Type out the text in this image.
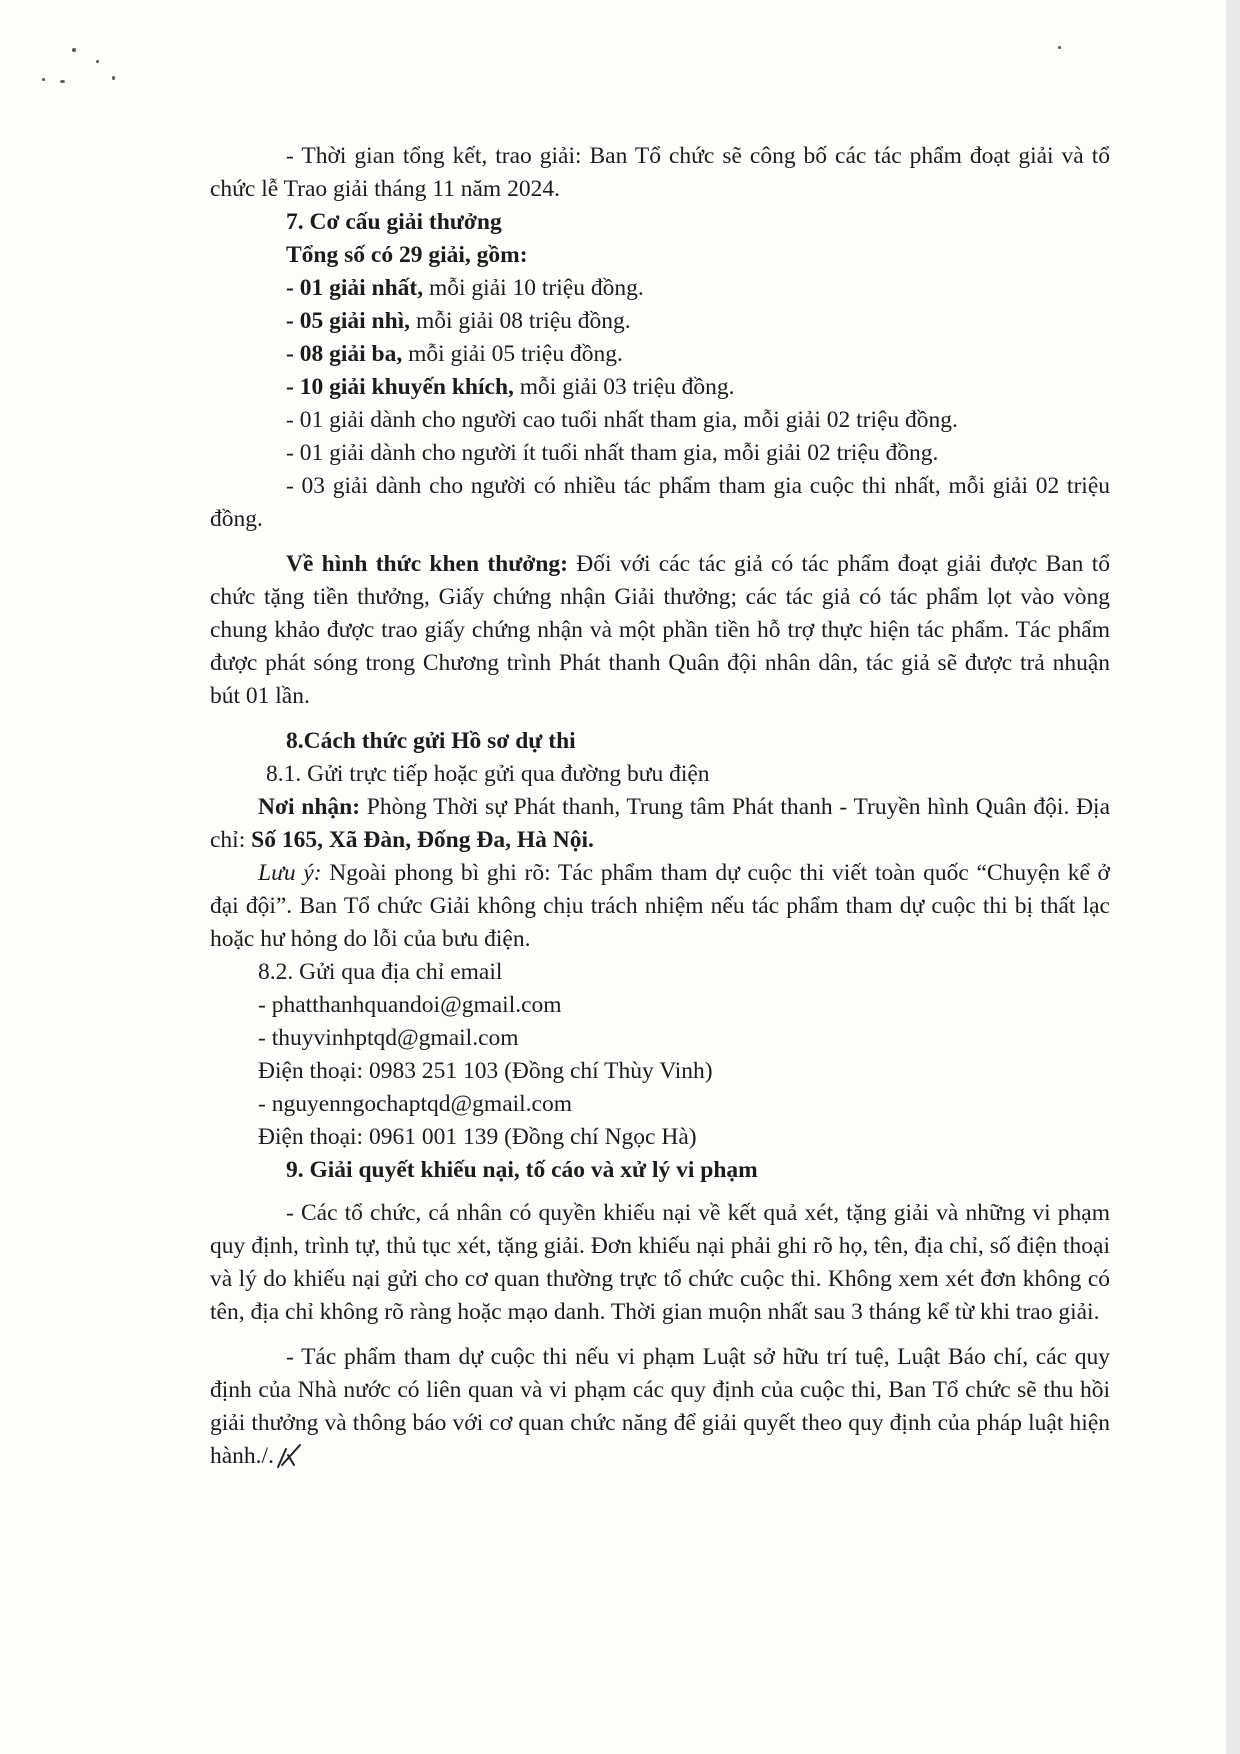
- Thời gian tổng kết, trao giải: Ban Tổ chức sẽ công bố các tác phẩm đoạt giải và tổ chức lễ Trao giải tháng 11 năm 2024.

7. Cơ cấu giải thưởng

Tổng số có 29 giải, gồm:

- 01 giải nhất, mỗi giải 10 triệu đồng.

- 05 giải nhì, mỗi giải 08 triệu đồng.

- 08 giải ba, mỗi giải 05 triệu đồng.

- 10 giải khuyến khích, mỗi giải 03 triệu đồng.

- 01 giải dành cho người cao tuổi nhất tham gia, mỗi giải 02 triệu đồng.

- 01 giải dành cho người ít tuổi nhất tham gia, mỗi giải 02 triệu đồng.

- 03 giải dành cho người có nhiều tác phẩm tham gia cuộc thi nhất, mỗi giải 02 triệu đồng.

Về hình thức khen thưởng: Đối với các tác giả có tác phẩm đoạt giải được Ban tổ chức tặng tiền thưởng, Giấy chứng nhận Giải thưởng; các tác giả có tác phẩm lọt vào vòng chung khảo được trao giấy chứng nhận và một phần tiền hỗ trợ thực hiện tác phẩm. Tác phẩm được phát sóng trong Chương trình Phát thanh Quân đội nhân dân, tác giả sẽ được trả nhuận bút 01 lần.

8.Cách thức gửi Hồ sơ dự thi

8.1. Gửi trực tiếp hoặc gửi qua đường bưu điện

Nơi nhận: Phòng Thời sự Phát thanh, Trung tâm Phát thanh - Truyền hình Quân đội. Địa chỉ: Số 165, Xã Đàn, Đống Đa, Hà Nội.

Lưu ý: Ngoài phong bì ghi rõ: Tác phẩm tham dự cuộc thi viết toàn quốc “Chuyện kể ở đại đội”. Ban Tổ chức Giải không chịu trách nhiệm nếu tác phẩm tham dự cuộc thi bị thất lạc hoặc hư hỏng do lỗi của bưu điện.

8.2. Gửi qua địa chỉ email

- phatthanhquandoi@gmail.com

- thuyvinhptqd@gmail.com

Điện thoại: 0983 251 103 (Đồng chí Thùy Vinh)

- nguyenngochaptqd@gmail.com

Điện thoại: 0961 001 139 (Đồng chí Ngọc Hà)

9. Giải quyết khiếu nại, tố cáo và xử lý vi phạm

- Các tổ chức, cá nhân có quyền khiếu nại về kết quả xét, tặng giải và những vi phạm quy định, trình tự, thủ tục xét, tặng giải. Đơn khiếu nại phải ghi rõ họ, tên, địa chỉ, số điện thoại và lý do khiếu nại gửi cho cơ quan thường trực tổ chức cuộc thi. Không xem xét đơn không có tên, địa chỉ không rõ ràng hoặc mạo danh. Thời gian muộn nhất sau 3 tháng kể từ khi trao giải.

- Tác phẩm tham dự cuộc thi nếu vi phạm Luật sở hữu trí tuệ, Luật Báo chí, các quy định của Nhà nước có liên quan và vi phạm các quy định của cuộc thi, Ban Tổ chức sẽ thu hồi giải thưởng và thông báo với cơ quan chức năng để giải quyết theo quy định của pháp luật hiện hành./.
